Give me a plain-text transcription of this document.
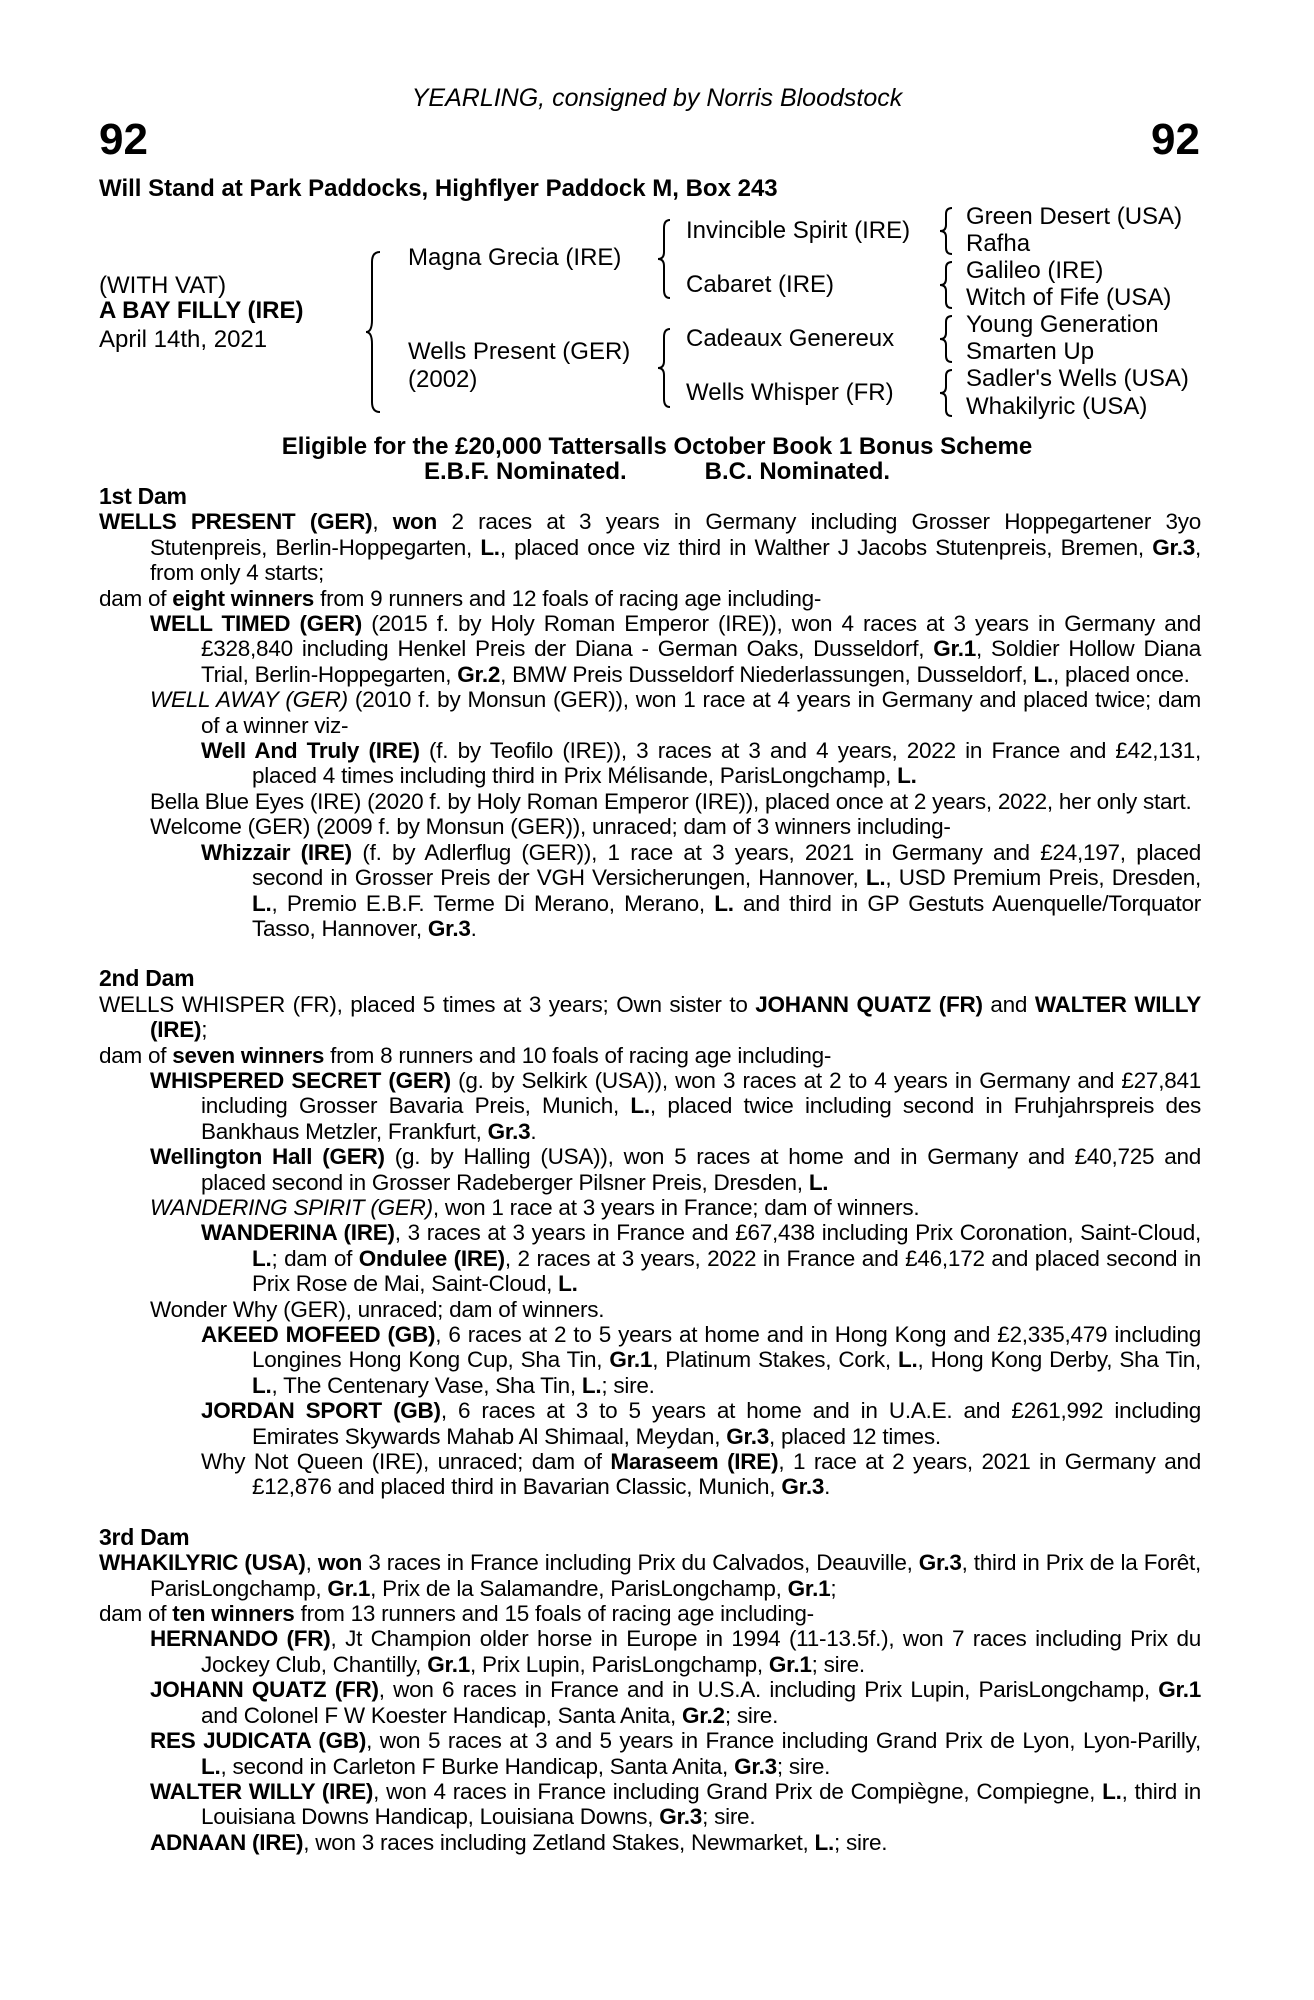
YEARLING, consigned by Norris Bloodstock
92	92
Will Stand at Park Paddocks, Highflyer Paddock M, Box 243
(WITH VAT)
A BAY FILLY (IRE)
April 14th, 2021
Magna Grecia (IRE)
Wells Present (GER)
(2002)
Invincible Spirit (IRE)
Cabaret (IRE)
Cadeaux Genereux
Wells Whisper (FR)
Green Desert (USA)
Rafha
Galileo (IRE)
Witch of Fife (USA)
Young Generation
Smarten Up
Sadler's Wells (USA)
Whakilyric (USA)
Eligible for the £20,000 Tattersalls October Book 1 Bonus Scheme
E.B.F. Nominated.	B.C. Nominated.
1st Dam
WELLS PRESENT (GER), won 2 races at 3 years in Germany including Grosser Hoppegartener 3yo Stutenpreis, Berlin-Hoppegarten, L., placed once viz third in Walther J Jacobs Stutenpreis, Bremen, Gr.3, from only 4 starts;
dam of eight winners from 9 runners and 12 foals of racing age including-
WELL TIMED (GER) (2015 f. by Holy Roman Emperor (IRE)), won 4 races at 3 years in Germany and £328,840 including Henkel Preis der Diana - German Oaks, Dusseldorf, Gr.1, Soldier Hollow Diana Trial, Berlin-Hoppegarten, Gr.2, BMW Preis Dusseldorf Niederlassungen, Dusseldorf, L., placed once.
WELL AWAY (GER) (2010 f. by Monsun (GER)), won 1 race at 4 years in Germany and placed twice; dam of a winner viz-
Well And Truly (IRE) (f. by Teofilo (IRE)), 3 races at 3 and 4 years, 2022 in France and £42,131, placed 4 times including third in Prix Mélisande, ParisLongchamp, L.
Bella Blue Eyes (IRE) (2020 f. by Holy Roman Emperor (IRE)), placed once at 2 years, 2022, her only start.
Welcome (GER) (2009 f. by Monsun (GER)), unraced; dam of 3 winners including-
Whizzair (IRE) (f. by Adlerflug (GER)), 1 race at 3 years, 2021 in Germany and £24,197, placed second in Grosser Preis der VGH Versicherungen, Hannover, L., USD Premium Preis, Dresden, L., Premio E.B.F. Terme Di Merano, Merano, L. and third in GP Gestuts Auenquelle/Torquator Tasso, Hannover, Gr.3.
2nd Dam
WELLS WHISPER (FR), placed 5 times at 3 years; Own sister to JOHANN QUATZ (FR) and WALTER WILLY (IRE);
dam of seven winners from 8 runners and 10 foals of racing age including-
WHISPERED SECRET (GER) (g. by Selkirk (USA)), won 3 races at 2 to 4 years in Germany and £27,841 including Grosser Bavaria Preis, Munich, L., placed twice including second in Fruhjahrspreis des Bankhaus Metzler, Frankfurt, Gr.3.
Wellington Hall (GER) (g. by Halling (USA)), won 5 races at home and in Germany and £40,725 and placed second in Grosser Radeberger Pilsner Preis, Dresden, L.
WANDERING SPIRIT (GER), won 1 race at 3 years in France; dam of winners.
WANDERINA (IRE), 3 races at 3 years in France and £67,438 including Prix Coronation, Saint-Cloud, L.; dam of Ondulee (IRE), 2 races at 3 years, 2022 in France and £46,172 and placed second in Prix Rose de Mai, Saint-Cloud, L.
Wonder Why (GER), unraced; dam of winners.
AKEED MOFEED (GB), 6 races at 2 to 5 years at home and in Hong Kong and £2,335,479 including Longines Hong Kong Cup, Sha Tin, Gr.1, Platinum Stakes, Cork, L., Hong Kong Derby, Sha Tin, L., The Centenary Vase, Sha Tin, L.; sire.
JORDAN SPORT (GB), 6 races at 3 to 5 years at home and in U.A.E. and £261,992 including Emirates Skywards Mahab Al Shimaal, Meydan, Gr.3, placed 12 times.
Why Not Queen (IRE), unraced; dam of Maraseem (IRE), 1 race at 2 years, 2021 in Germany and £12,876 and placed third in Bavarian Classic, Munich, Gr.3.
3rd Dam
WHAKILYRIC (USA), won 3 races in France including Prix du Calvados, Deauville, Gr.3, third in Prix de la Forêt, ParisLongchamp, Gr.1, Prix de la Salamandre, ParisLongchamp, Gr.1;
dam of ten winners from 13 runners and 15 foals of racing age including-
HERNANDO (FR), Jt Champion older horse in Europe in 1994 (11-13.5f.), won 7 races including Prix du Jockey Club, Chantilly, Gr.1, Prix Lupin, ParisLongchamp, Gr.1; sire.
JOHANN QUATZ (FR), won 6 races in France and in U.S.A. including Prix Lupin, ParisLongchamp, Gr.1 and Colonel F W Koester Handicap, Santa Anita, Gr.2; sire.
RES JUDICATA (GB), won 5 races at 3 and 5 years in France including Grand Prix de Lyon, Lyon-Parilly, L., second in Carleton F Burke Handicap, Santa Anita, Gr.3; sire.
WALTER WILLY (IRE), won 4 races in France including Grand Prix de Compiègne, Compiegne, L., third in Louisiana Downs Handicap, Louisiana Downs, Gr.3; sire.
ADNAAN (IRE), won 3 races including Zetland Stakes, Newmarket, L.; sire.
